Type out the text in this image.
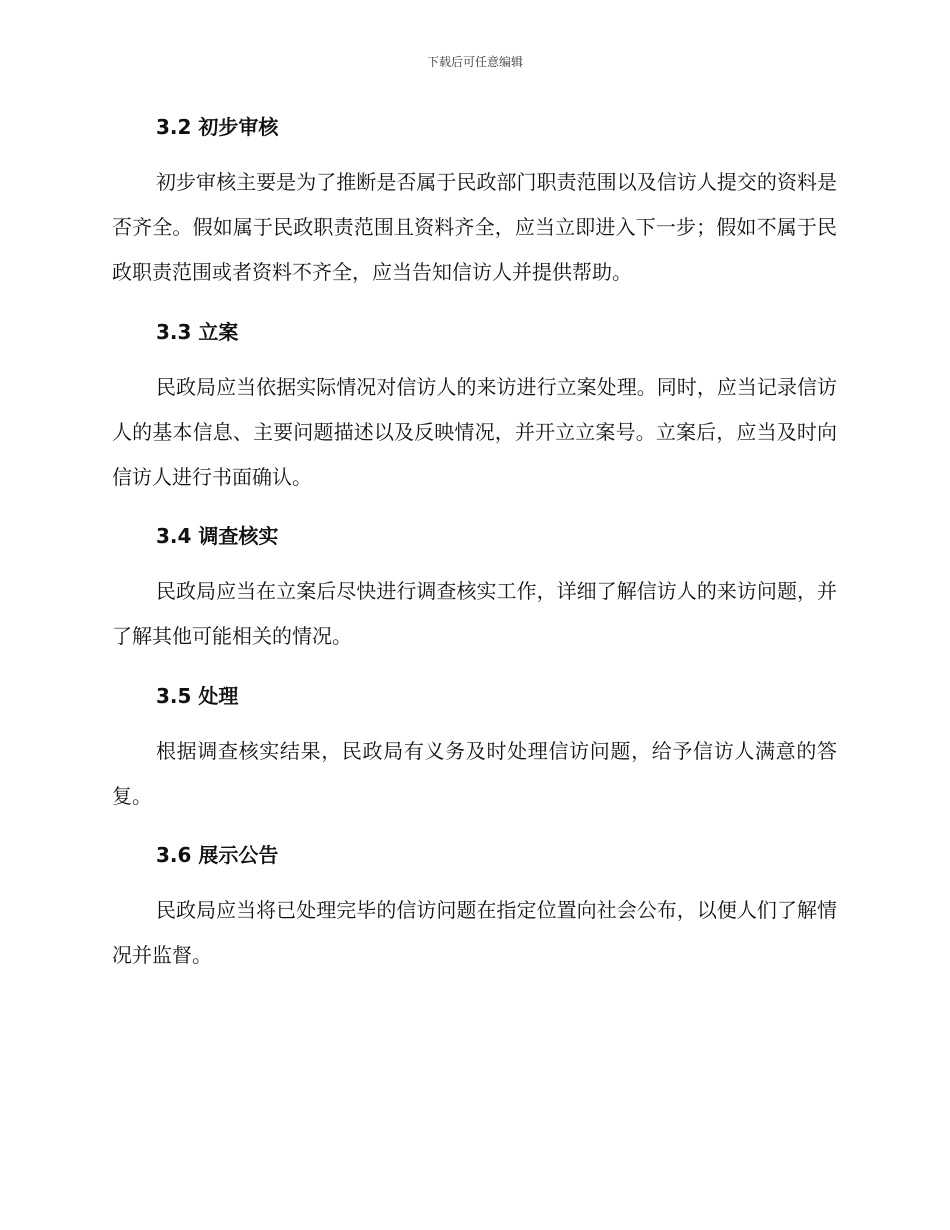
下载后可任意编辑
3.2 初步审核

初步审核主要是为了推断是否属于民政部门职责范围以及信访人提交的资料是否齐全。假如属于民政职责范围且资料齐全，应当立即进入下一步；假如不属于民政职责范围或者资料不齐全，应当告知信访人并提供帮助。

3.3 立案

民政局应当依据实际情况对信访人的来访进行立案处理。同时，应当记录信访人的基本信息、主要问题描述以及反映情况，并开立立案号。立案后，应当及时向信访人进行书面确认。

3.4 调查核实

民政局应当在立案后尽快进行调查核实工作，详细了解信访人的来访问题，并了解其他可能相关的情况。

3.5 处理

根据调查核实结果，民政局有义务及时处理信访问题，给予信访人满意的答复。

3.6 展示公告

民政局应当将已处理完毕的信访问题在指定位置向社会公布，以便人们了解情况并监督。
